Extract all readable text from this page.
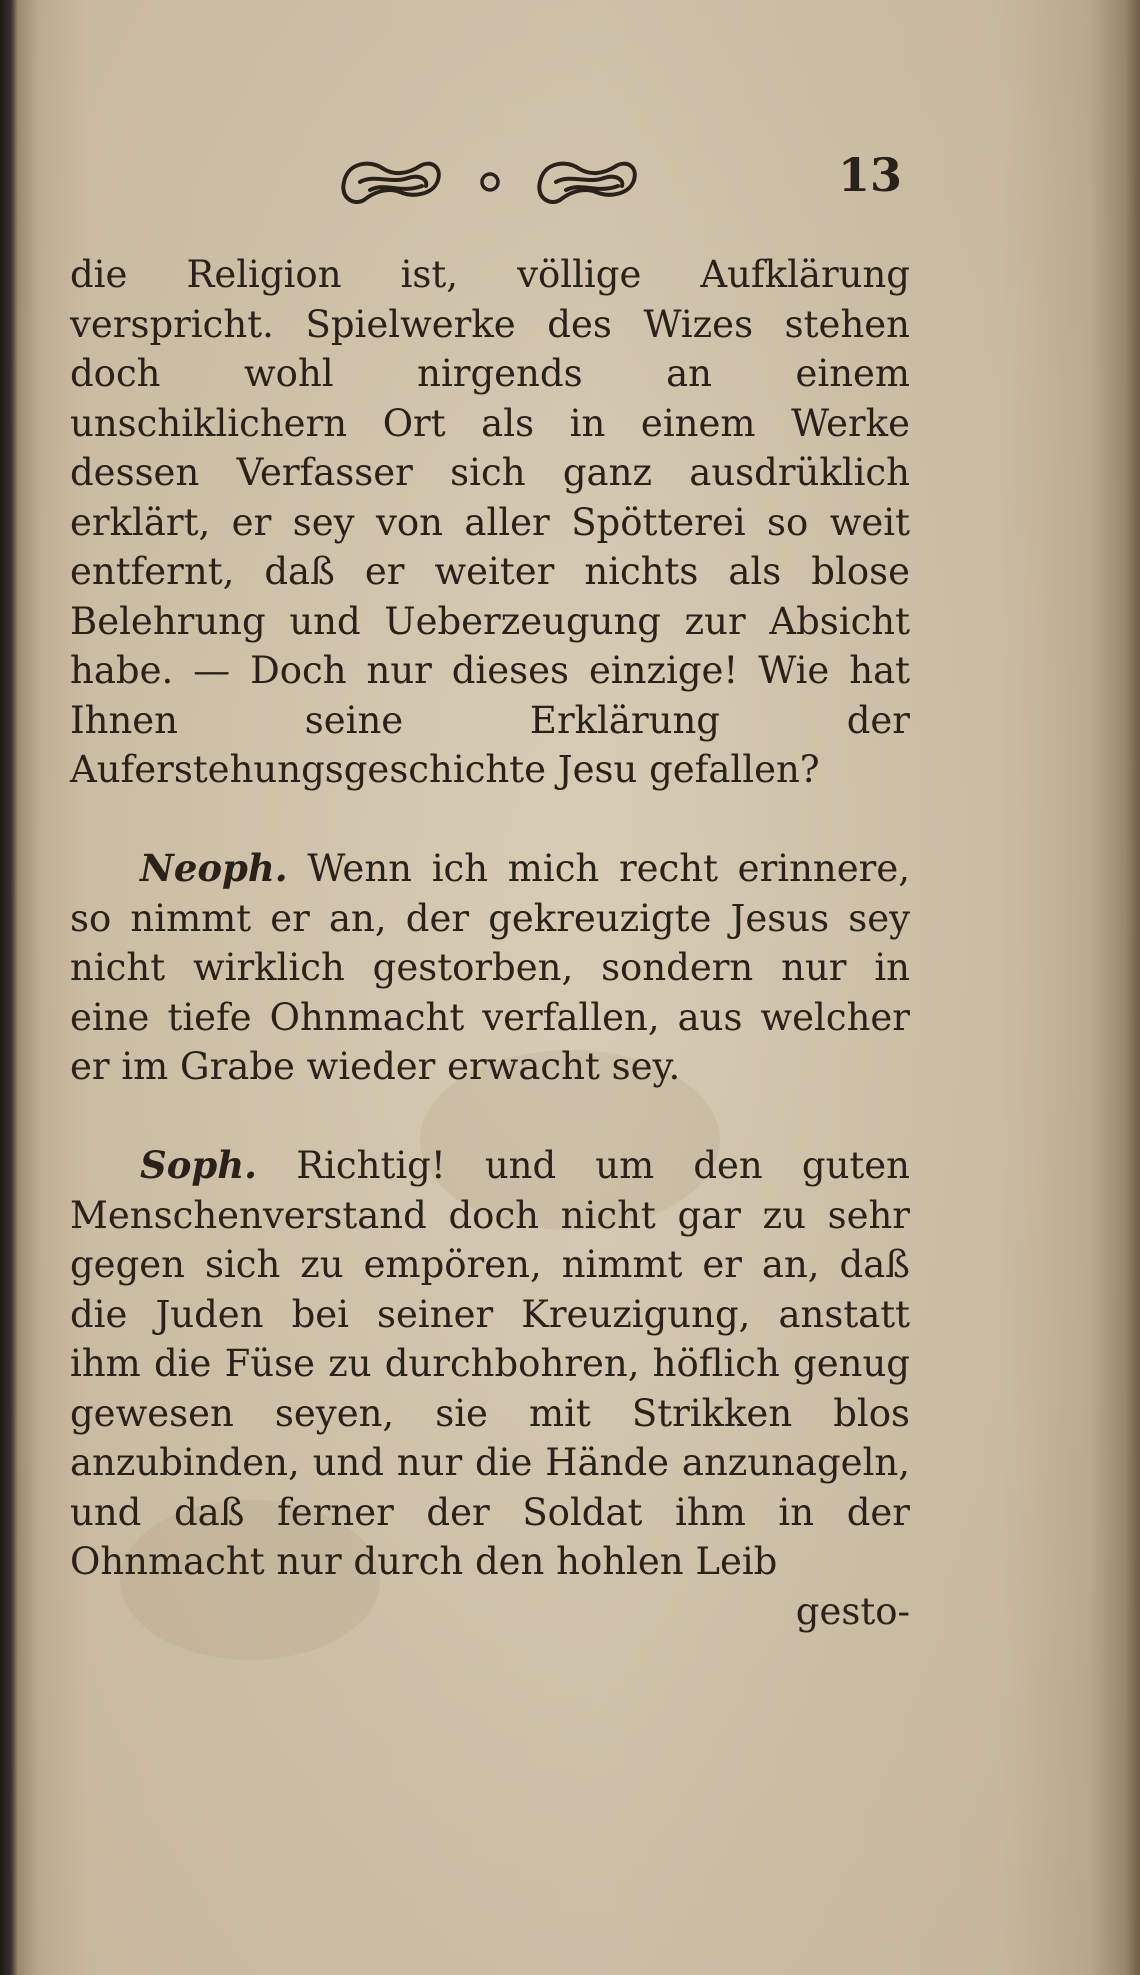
13

die Religion ist, völlige Aufklärung verspricht. Spielwerke des Wizes stehen doch wohl nirgends an einem unschiklichern Ort als in einem Werke dessen Verfasser sich ganz ausdrüklich erklärt, er sey von aller Spötterei so weit entfernt, daß er weiter nichts als blose Belehrung und Ueberzeugung zur Absicht habe. — Doch nur dieses einzige! Wie hat Ihnen seine Erklärung der Auferstehungsgeschichte Jesu gefallen?

Neoph. Wenn ich mich recht erinnere, so nimmt er an, der gekreuzigte Jesus sey nicht wirklich gestorben, sondern nur in eine tiefe Ohnmacht verfallen, aus welcher er im Grabe wieder erwacht sey.

Soph. Richtig! und um den guten Menschenverstand doch nicht gar zu sehr gegen sich zu empören, nimmt er an, daß die Juden bei seiner Kreuzigung, anstatt ihm die Füse zu durchbohren, höflich genug gewesen seyen, sie mit Strikken blos anzubinden, und nur die Hände anzunageln, und daß ferner der Soldat ihm in der Ohnmacht nur durch den hohlen Leib

gesto-
